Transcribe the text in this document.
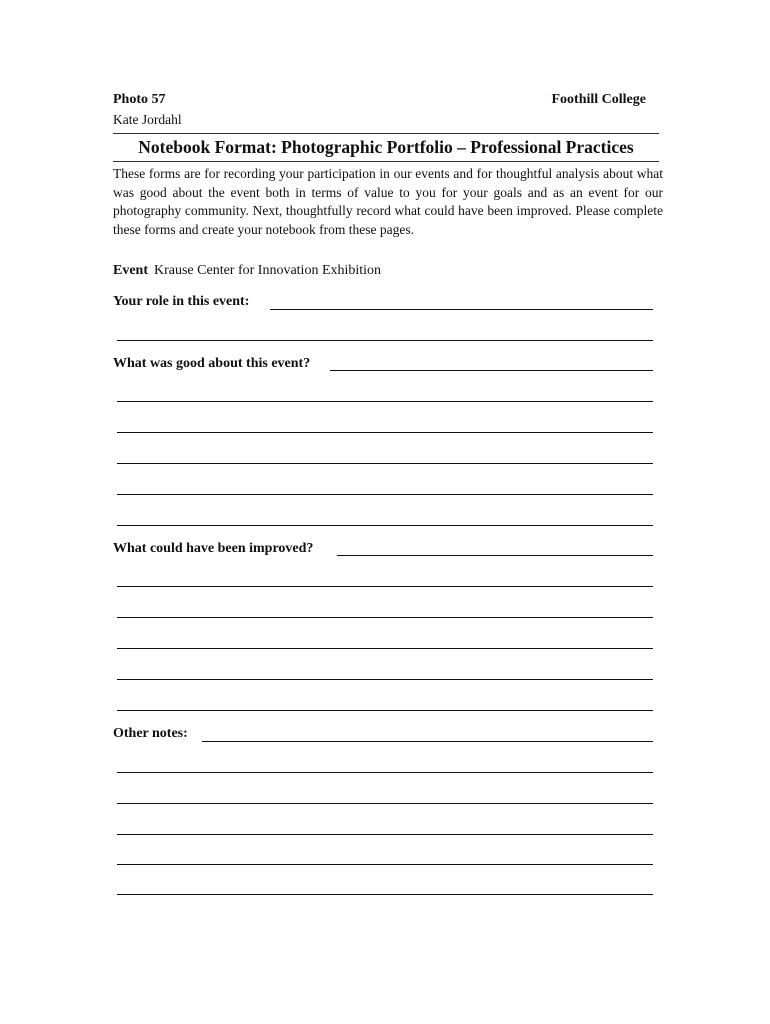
Photo 57	Foothill College
Kate Jordahl
Notebook Format: Photographic Portfolio – Professional Practices
These forms are for recording your participation in our events and for thoughtful analysis about what was good about the event both in terms of value to you for your goals and as an event for our photography community. Next, thoughtfully record what could have been improved. Please complete these forms and create your notebook from these pages.
Event Krause Center for Innovation Exhibition
Your role in this event:
What was good about this event?
What could have been improved?
Other notes:
